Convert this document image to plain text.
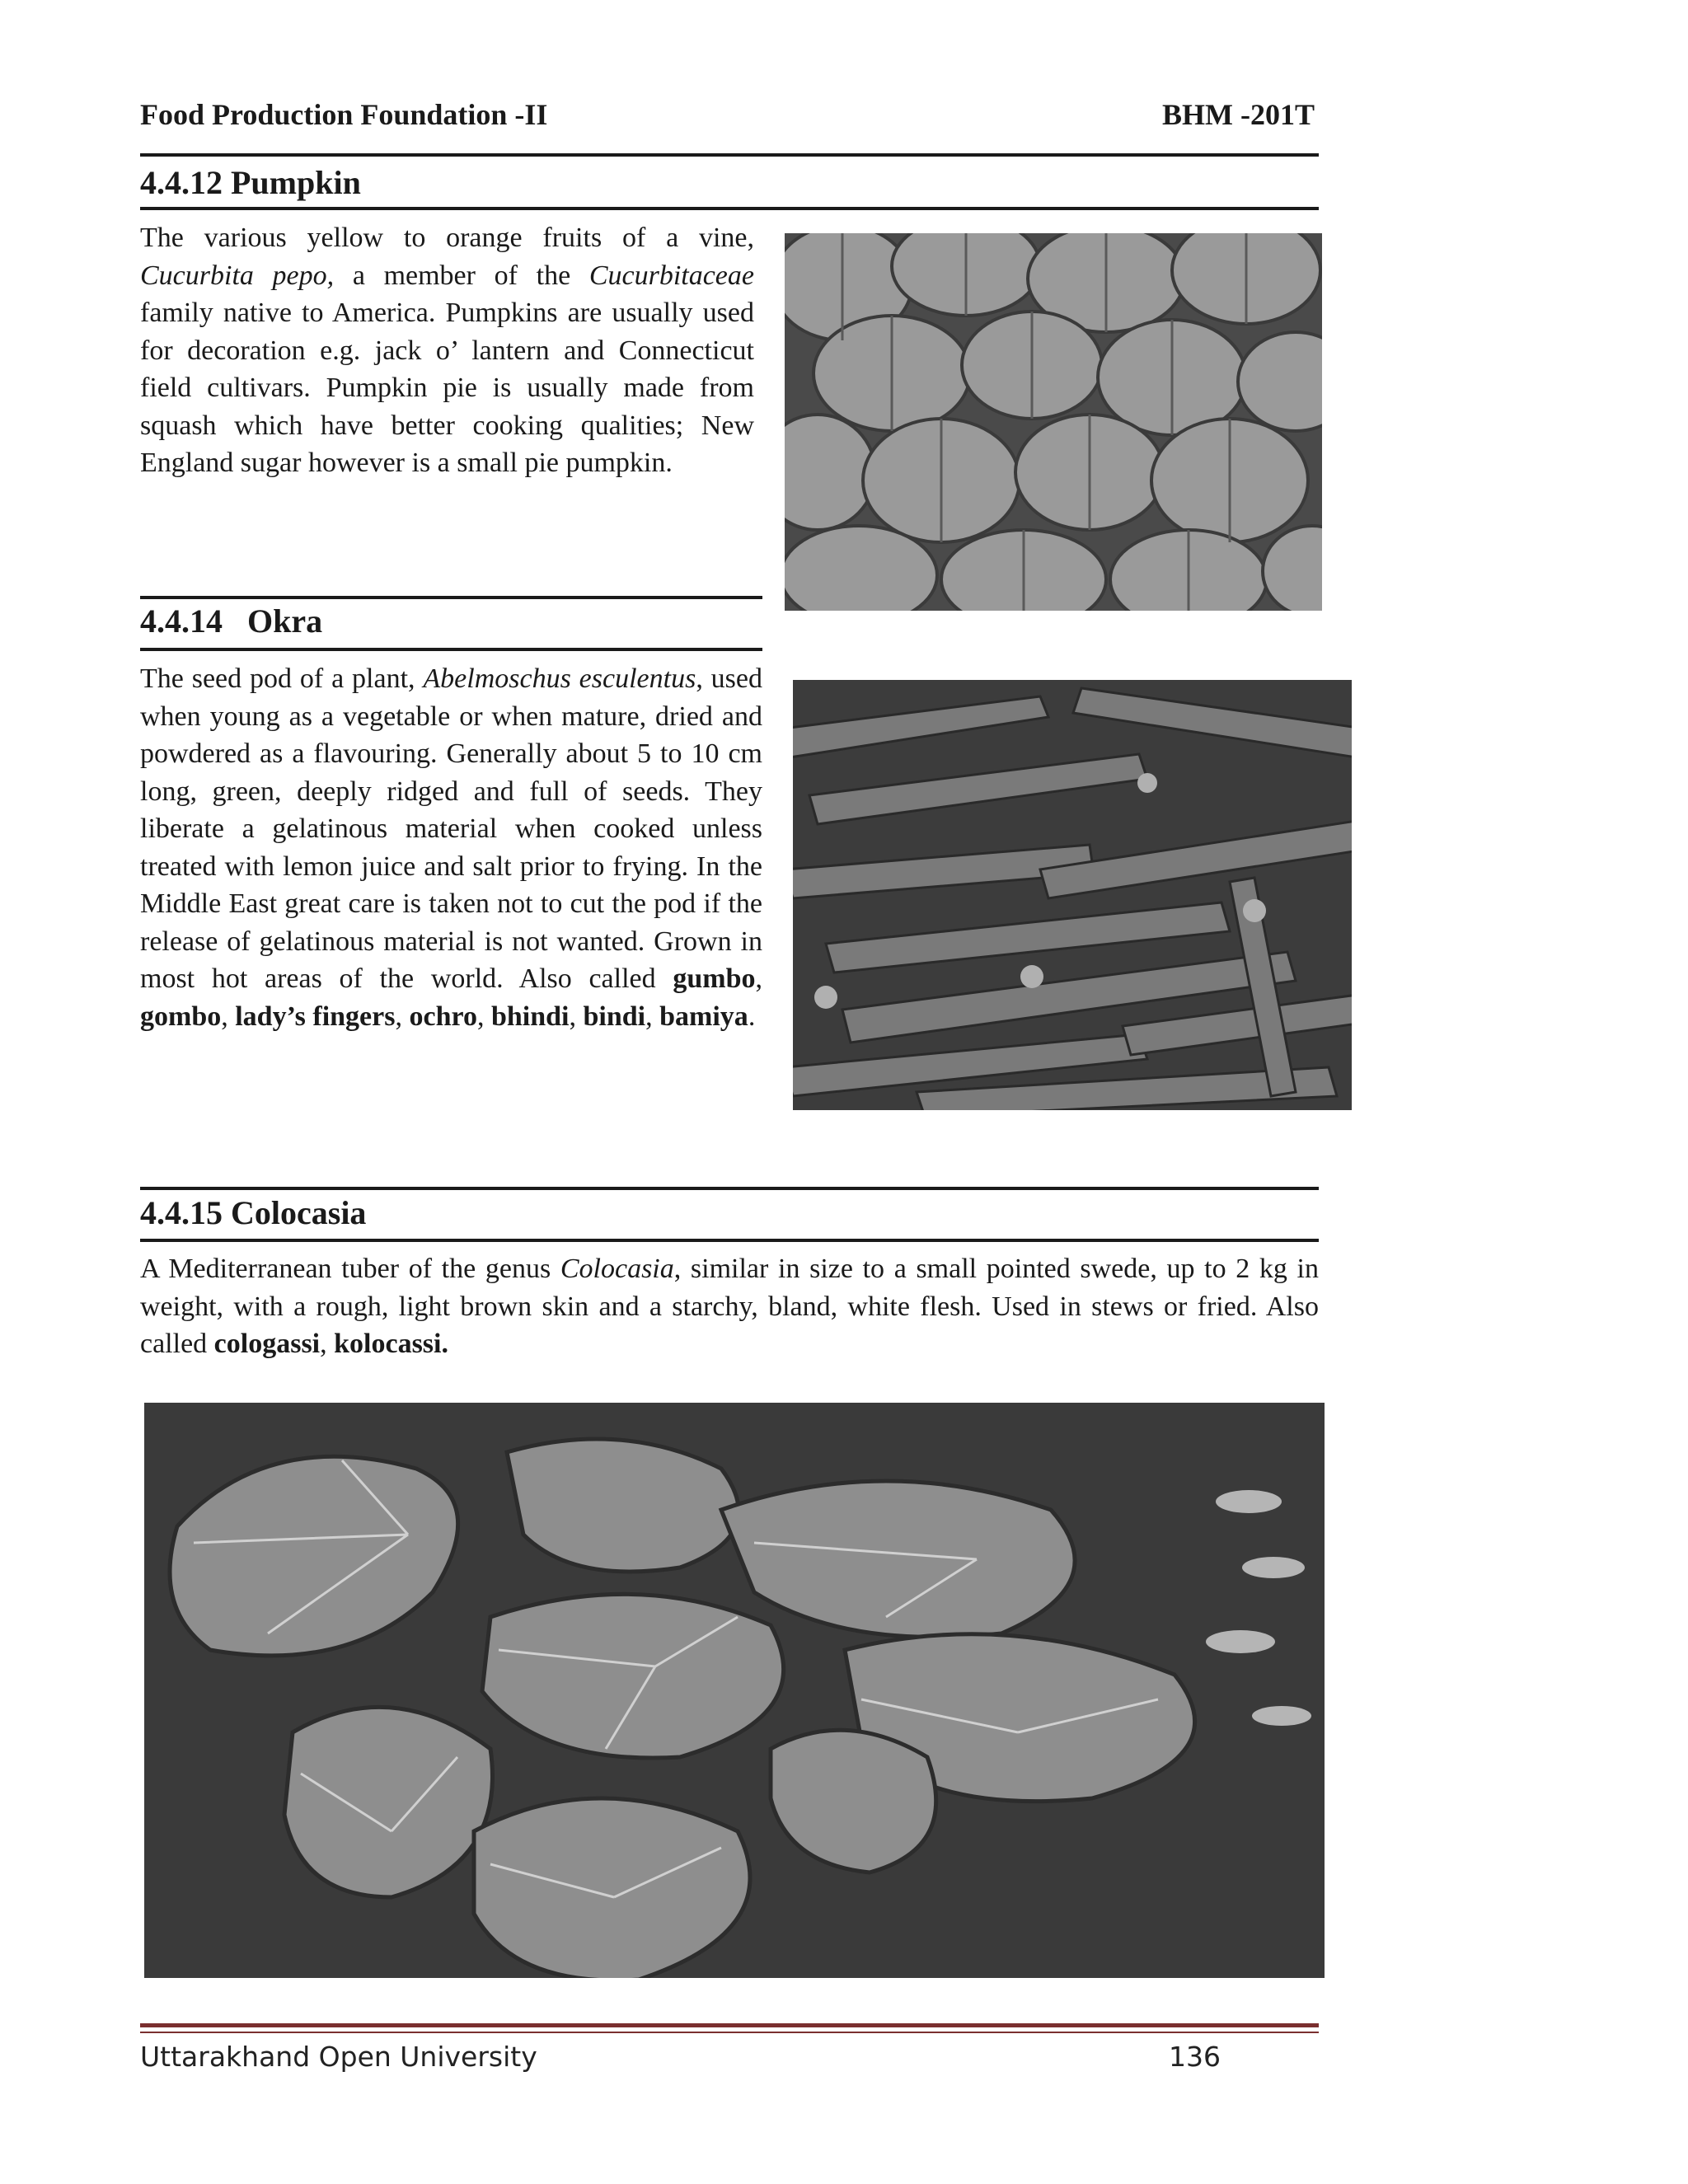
Food Production Foundation -II	BHM -201T
4.4.12 Pumpkin
The various yellow to orange fruits of a vine, Cucurbita pepo, a member of the Cucurbitaceae family native to America. Pumpkins are usually used for decoration e.g. jack o’ lantern and Connecticut field cultivars. Pumpkin pie is usually made from squash which have better cooking qualities; New England sugar however is a small pie pumpkin.
4.4.14   Okra
The seed pod of a plant, Abelmoschus esculentus, used when young as a vegetable or when mature, dried and powdered as a flavouring. Generally about 5 to 10 cm long, green, deeply ridged and full of seeds. They liberate a gelatinous material when cooked unless treated with lemon juice and salt prior to frying. In the Middle East great care is taken not to cut the pod if the release of gelatinous material is not wanted. Grown in most hot areas of the world. Also called gumbo, gombo, lady’s fingers, ochro, bhindi, bindi, bamiya.
4.4.15 Colocasia
A Mediterranean tuber of the genus Colocasia, similar in size to a small pointed swede, up to 2 kg in weight, with a rough, light brown skin and a starchy, bland, white flesh. Used in stews or fried. Also called cologassi, kolocassi.
Uttarakhand Open University	136
